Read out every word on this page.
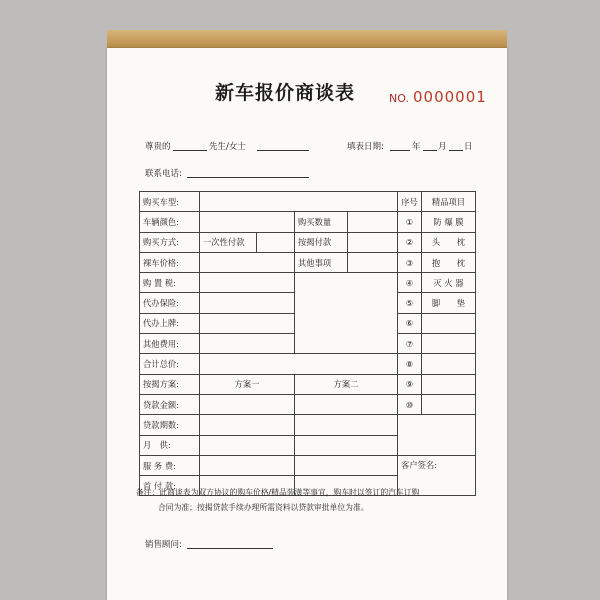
新车报价商谈表	NO. 0000001
尊贵的	先生/女士	填表日期:	年 月 日
联系电话:
购买车型:					序号	精品项目
车辆颜色:			购买数量		①	防 爆 膜
购买方式:	一次性付款		按揭付款		②	头　　枕
裸车价格:			其他事项		③	抱　　枕
购 置 税:					④	灭 火 器
代办保险:					⑤	脚　　垫
代办上牌:					⑥	
其他费用:					⑦	
合计总价:					⑧	
按揭方案:	方案一		方案二		⑨	
贷款金额:					⑩	
贷款期数:						
月　供:						
服 务 费:					客户签名:	
首 付 款:						
备注：此商谈表为双方协议的购车价格/精品装潢等事宜，购车时以签订的汽车订购
合同为准；按揭贷款手续办理所需资料以贷款审批单位为准。
销售顾问:
